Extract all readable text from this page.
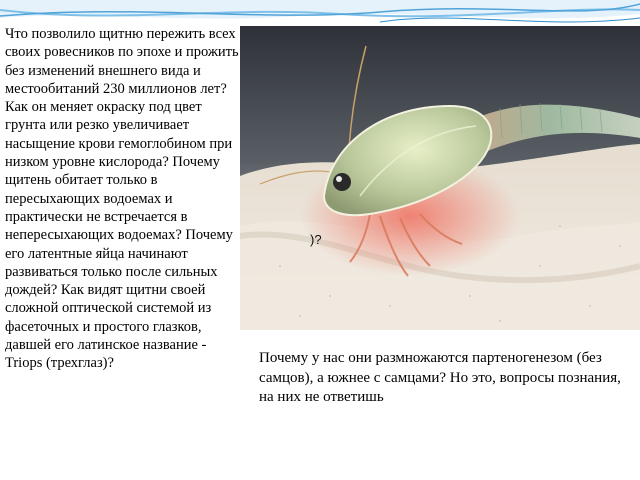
Что позволило щитню пережить всех своих ровесников по эпохе и прожить без изменений внешнего вида и местообитаний 230 миллионов лет? Как он меняет окраску под цвет грунта или резко увеличивает насыщение крови гемоглобином при низком уровне кислорода? Почему щитень обитает только в пересыхающих водоемах и практически не встречается в непересыхающих водоемах? Почему его латентные яйца начинают развиваться только после сильных дождей? Как видят щитни своей сложной оптической системой из фасеточных и простого глазков, давшей его латинское название - Triops (трехглаз)?

)?

Почему у нас они размножаются партеногенезом (без самцов), а южнее с самцами? Но это, вопросы познания, на них не ответишь
